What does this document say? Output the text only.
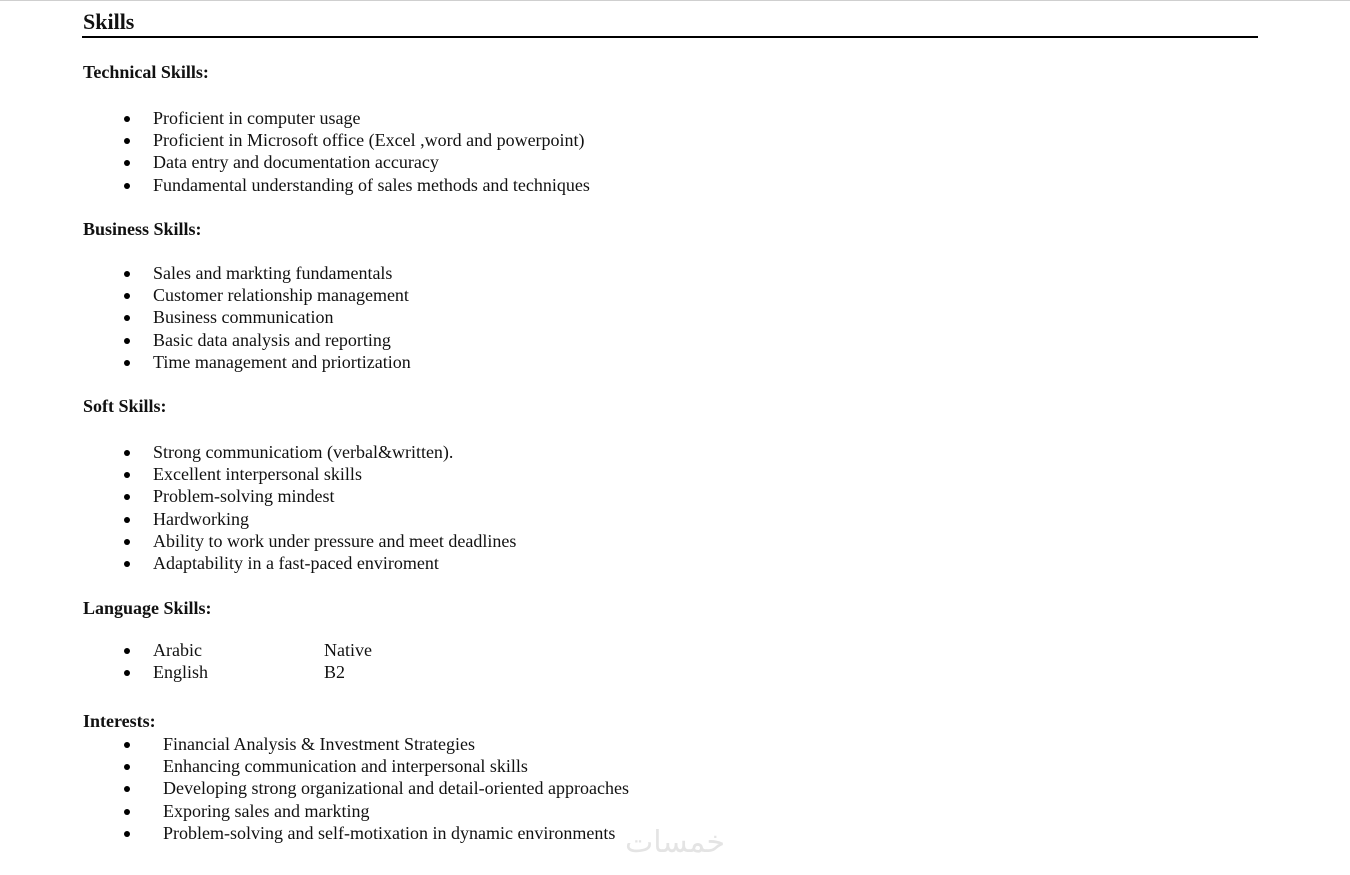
Skills
Technical Skills:
Proficient in computer usage
Proficient in Microsoft office (Excel ,word and powerpoint)
Data entry and documentation accuracy
Fundamental understanding of sales methods and techniques
Business Skills:
Sales and markting fundamentals
Customer relationship management
Business communication
Basic data analysis and reporting
Time management and priortization
Soft Skills:
Strong communicatiom (verbal&written).
Excellent interpersonal skills
Problem-solving mindest
Hardworking
Ability to work under pressure and meet deadlines
Adaptability in a fast-paced enviroment
Language Skills:
Arabic	Native
English	B2
Interests:
Financial Analysis & Investment Strategies
Enhancing communication and interpersonal skills
Developing strong organizational and detail-oriented approaches
Exporing sales and markting
Problem-solving and self-motixation in dynamic environments خمسات
